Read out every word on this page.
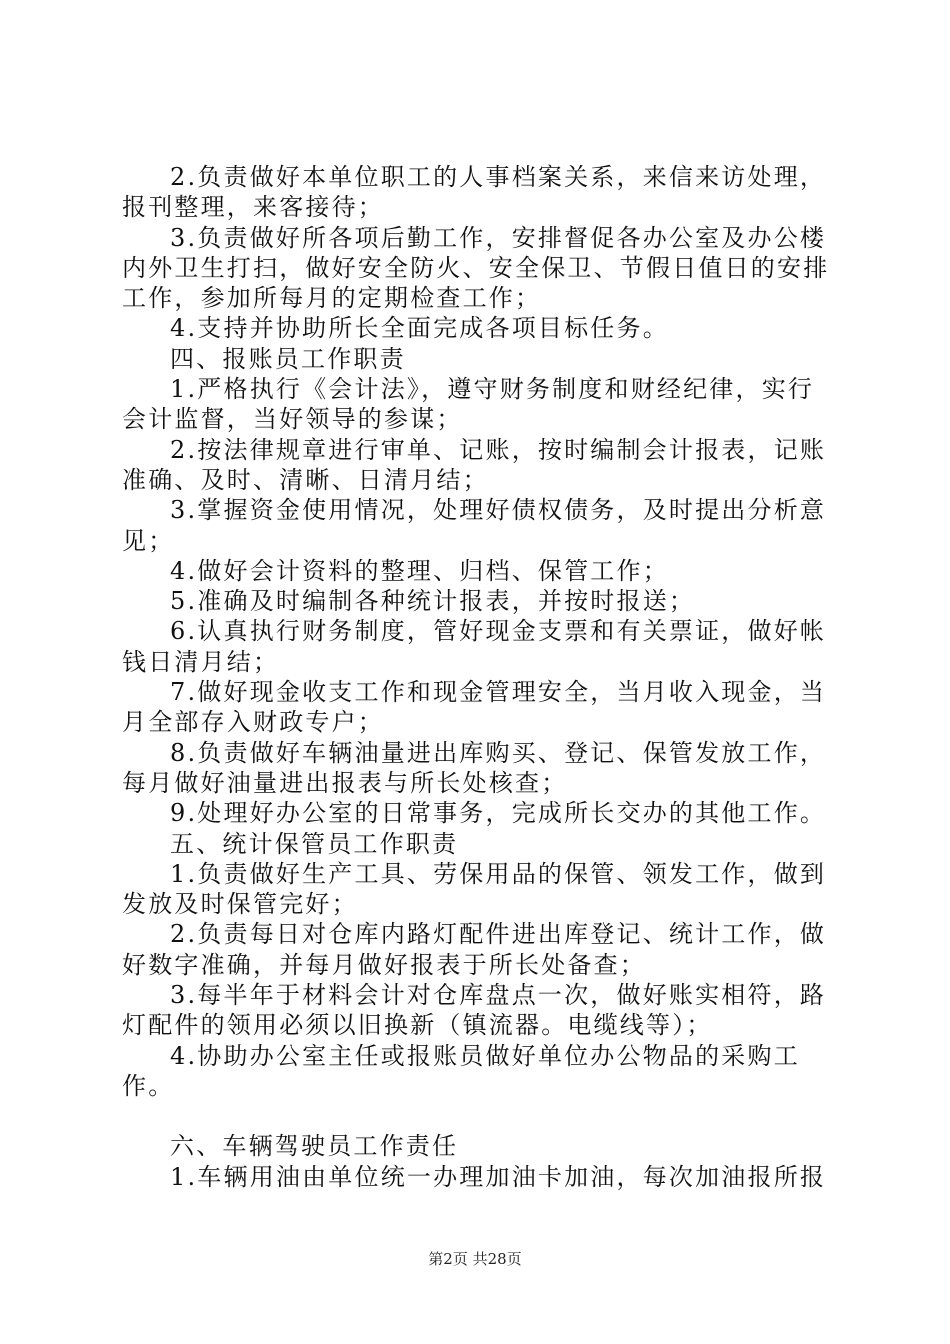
2.负责做好本单位职工的人事档案关系，来信来访处理，报刊整理，来客接待；

3.负责做好所各项后勤工作，安排督促各办公室及办公楼内外卫生打扫，做好安全防火、安全保卫、节假日值日的安排工作，参加所每月的定期检查工作；

4.支持并协助所长全面完成各项目标任务。

四、报账员工作职责

1.严格执行《会计法》，遵守财务制度和财经纪律，实行会计监督，当好领导的参谋；

2.按法律规章进行审单、记账，按时编制会计报表，记账准确、及时、清晰、日清月结；

3.掌握资金使用情况，处理好债权债务，及时提出分析意见；

4.做好会计资料的整理、归档、保管工作；

5.准确及时编制各种统计报表，并按时报送；

6.认真执行财务制度，管好现金支票和有关票证，做好帐钱日清月结；

7.做好现金收支工作和现金管理安全，当月收入现金，当月全部存入财政专户；

8.负责做好车辆油量进出库购买、登记、保管发放工作，每月做好油量进出报表与所长处核查；

9.处理好办公室的日常事务，完成所长交办的其他工作。

五、统计保管员工作职责

1.负责做好生产工具、劳保用品的保管、领发工作，做到发放及时保管完好；

2.负责每日对仓库内路灯配件进出库登记、统计工作，做好数字准确，并每月做好报表于所长处备查；

3.每半年于材料会计对仓库盘点一次，做好账实相符，路灯配件的领用必须以旧换新（镇流器。电缆线等）；

4.协助办公室主任或报账员做好单位办公物品的采购工作。

六、车辆驾驶员工作责任

1.车辆用油由单位统一办理加油卡加油，每次加油报所报

第2页 共28页
